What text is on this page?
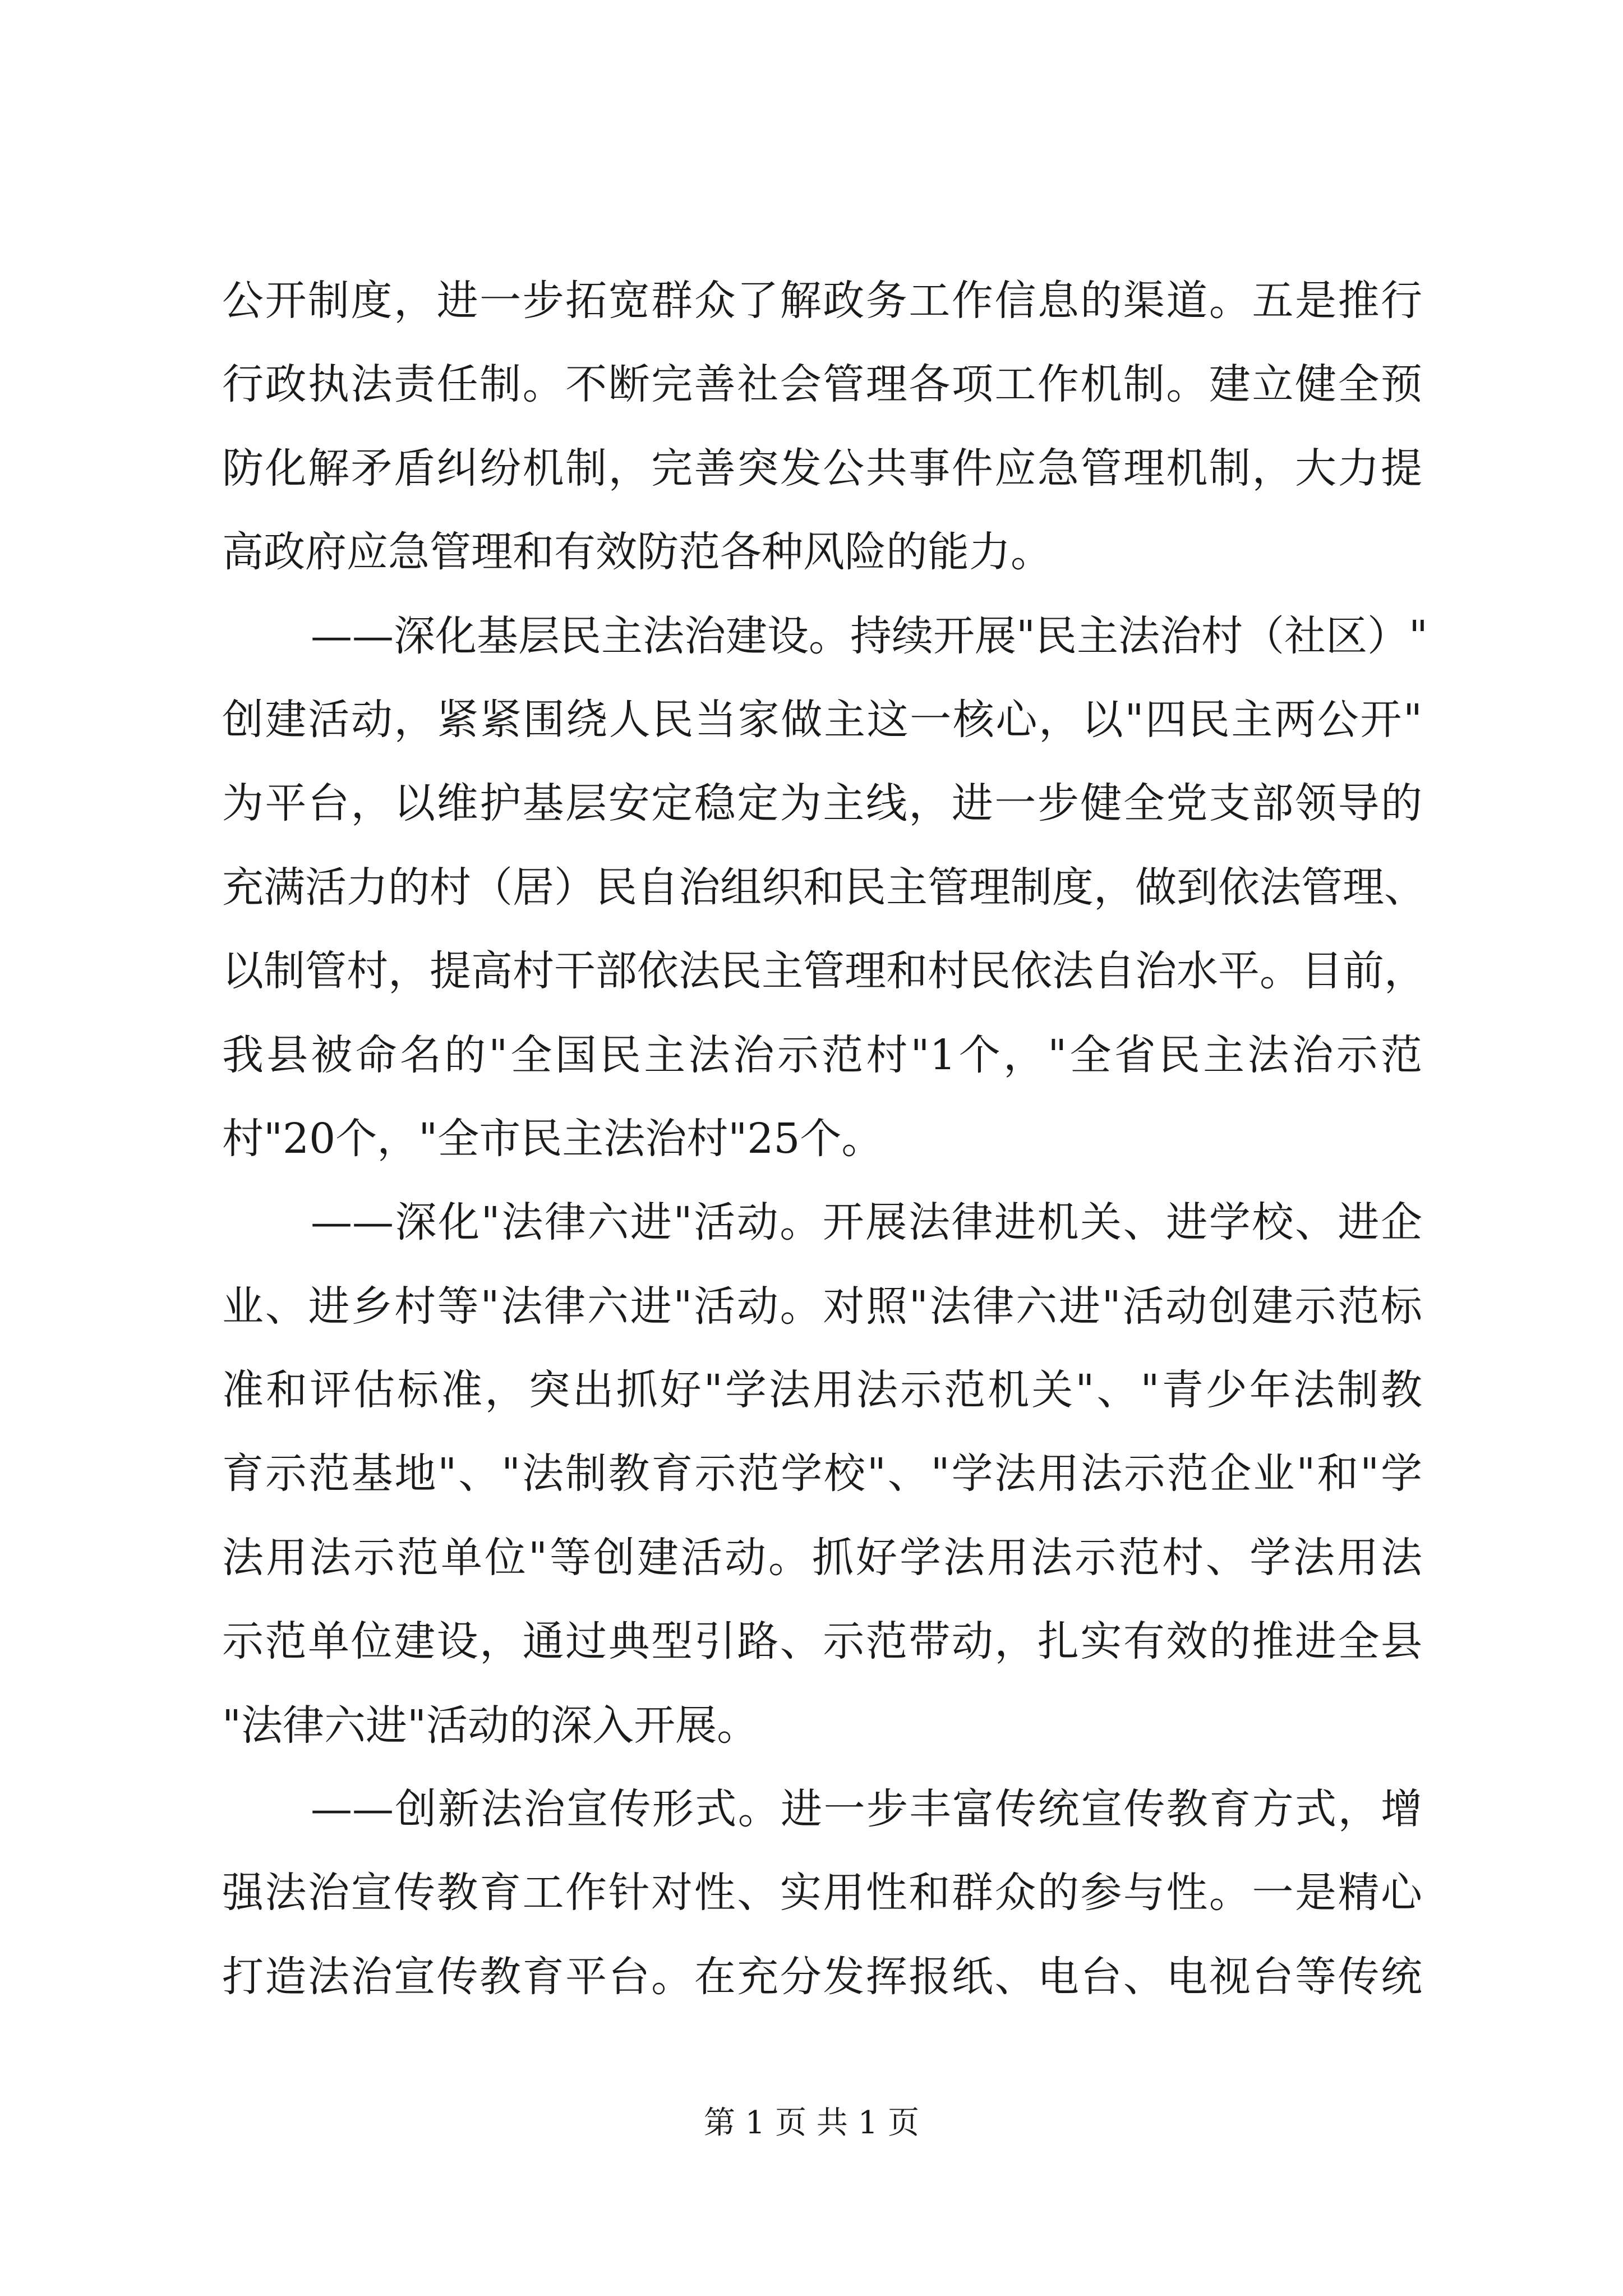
公开制度，进一步拓宽群众了解政务工作信息的渠道。五是推行
行政执法责任制。不断完善社会管理各项工作机制。建立健全预
防化解矛盾纠纷机制，完善突发公共事件应急管理机制，大力提
高政府应急管理和有效防范各种风险的能力。
——深化基层民主法治建设。持续开展"民主法治村（社区）"
创建活动，紧紧围绕人民当家做主这一核心，以"四民主两公开"
为平台，以维护基层安定稳定为主线，进一步健全党支部领导的
充满活力的村（居）民自治组织和民主管理制度，做到依法管理、
以制管村，提高村干部依法民主管理和村民依法自治水平。目前，
我县被命名的"全国民主法治示范村"1个，"全省民主法治示范
村"20个，"全市民主法治村"25个。
——深化"法律六进"活动。开展法律进机关、进学校、进企
业、进乡村等"法律六进"活动。对照"法律六进"活动创建示范标
准和评估标准，突出抓好"学法用法示范机关"、"青少年法制教
育示范基地"、"法制教育示范学校"、"学法用法示范企业"和"学
法用法示范单位"等创建活动。抓好学法用法示范村、学法用法
示范单位建设，通过典型引路、示范带动，扎实有效的推进全县
"法律六进"活动的深入开展。
——创新法治宣传形式。进一步丰富传统宣传教育方式，增
强法治宣传教育工作针对性、实用性和群众的参与性。一是精心
打造法治宣传教育平台。在充分发挥报纸、电台、电视台等传统
第 1 页 共 1 页
